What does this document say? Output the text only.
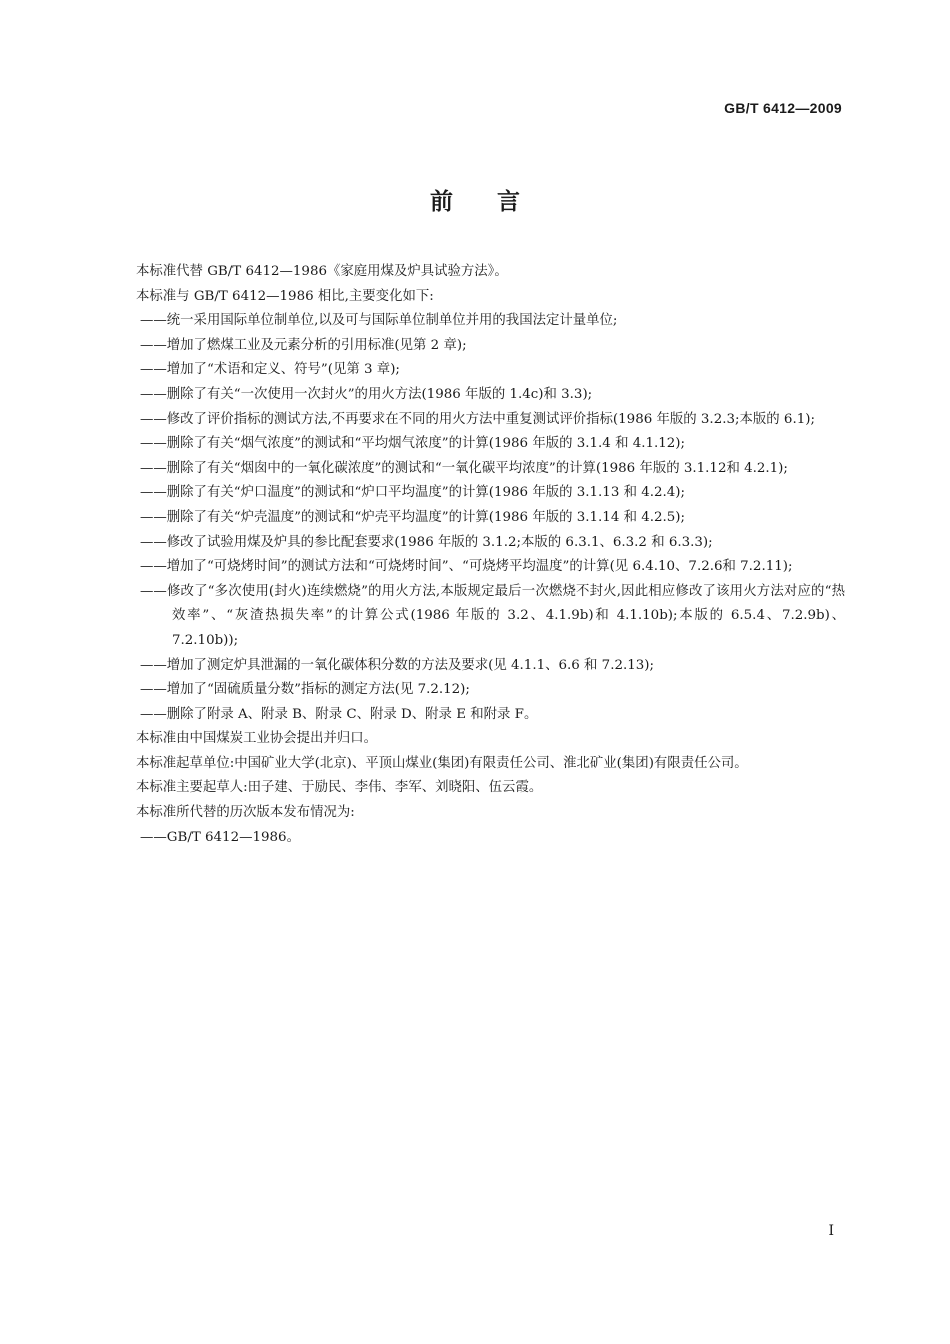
GB/T 6412—2009
前言

本标准代替 GB/T 6412—1986《家庭用煤及炉具试验方法》。

本标准与 GB/T 6412—1986 相比,主要变化如下:

——统一采用国际单位制单位,以及可与国际单位制单位并用的我国法定计量单位;

——增加了燃煤工业及元素分析的引用标准(见第 2 章);

——增加了“术语和定义、符号”(见第 3 章);

——删除了有关“一次使用一次封火”的用火方法(1986 年版的 1.4c)和 3.3);

——修改了评价指标的测试方法,不再要求在不同的用火方法中重复测试评价指标(1986 年版的 3.2.3;本版的 6.1);

——删除了有关“烟气浓度”的测试和“平均烟气浓度”的计算(1986 年版的 3.1.4 和 4.1.12);

——删除了有关“烟囱中的一氧化碳浓度”的测试和“一氧化碳平均浓度”的计算(1986 年版的 3.1.12和 4.2.1);

——删除了有关“炉口温度”的测试和“炉口平均温度”的计算(1986 年版的 3.1.13 和 4.2.4);

——删除了有关“炉壳温度”的测试和“炉壳平均温度”的计算(1986 年版的 3.1.14 和 4.2.5);

——修改了试验用煤及炉具的参比配套要求(1986 年版的 3.1.2;本版的 6.3.1、6.3.2 和 6.3.3);

——增加了“可烧烤时间”的测试方法和“可烧烤时间”、“可烧烤平均温度”的计算(见 6.4.10、7.2.6和 7.2.11);

——修改了“多次使用(封火)连续燃烧”的用火方法,本版规定最后一次燃烧不封火,因此相应修改了该用火方法对应的“热效率”、“灰渣热损失率”的计算公式(1986 年版的 3.2、4.1.9b)和 4.1.10b);本版的 6.5.4、7.2.9b)、7.2.10b));

——增加了测定炉具泄漏的一氧化碳体积分数的方法及要求(见 4.1.1、6.6 和 7.2.13);

——增加了“固硫质量分数”指标的测定方法(见 7.2.12);

——删除了附录 A、附录 B、附录 C、附录 D、附录 E 和附录 F。

本标准由中国煤炭工业协会提出并归口。

本标准起草单位:中国矿业大学(北京)、平顶山煤业(集团)有限责任公司、淮北矿业(集团)有限责任公司。

本标准主要起草人:田子建、于励民、李伟、李军、刘晓阳、伍云霞。

本标准所代替的历次版本发布情况为:

——GB/T 6412—1986。

I
